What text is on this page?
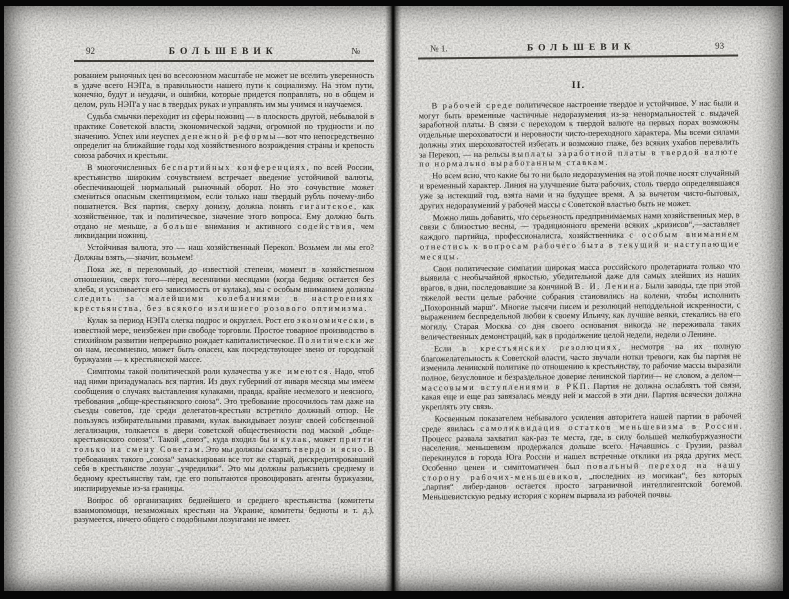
92	БОЛЬШЕВИК	№

рованием рыночных цен во всесоюзном масштабе не может не вселить уверенность в удаче всего НЭП'а, в правильности нашего пути к социализму. На этом пути, конечно, будут и неудачи, и ошибки, которые придется поправлять, но в общем и целом, руль НЭП'а у нас в твердых руках и управлять им мы учимся и научаемся.

Судьба смычки переходит из сферы ножниц — в плоскость другой, небывалой в практике Советской власти, экономической задачи, огромной по трудности и по значению. Успех или неуспех денежной реформы—вот что непосредственно определит на ближайшие годы ход хозяйственного возрождения страны и крепость союза рабочих и крестьян.

В многочисленных беспартийных конференциях, по всей России, крестьянство широким сочувствием встречает введение устойчивой валюты, обеспечивающей нормальный рыночный оборот. Но это сочувствие может смениться опасным скептицизмом, если только наш твердый рубль почему-либо пошатнется. Вся партия, сверху донизу, должна понять гигантское, как хозяйственное, так и политическое, значение этого вопроса. Ему должно быть отдано не меньше, а больше внимания и активного содействия, чем ликвидации ножниц.

Устойчивая валюта, это — наш хозяйственный Перекоп. Возьмем ли мы его? Должны взять,—значит, возьмем!

Пока же, в переломный, до известной степени, момент в хозяйственном отношении, сверх того—перед весенними месяцами (когда бедняк остается без хлеба, и усиливается его зависимость от кулака), мы с особым вниманием должны следить за малейшими колебаниями в настроениях крестьянства, без всякого излишнего розового оптимизма.

Кулак за период НЭП'а слегка подрос и округлел. Рост его экономически, в известной мере, неизбежен при свободе торговли. Простое товарное производство в стихийном развитии непрерывно рождает капиталистическое. Политически же он нам, несомненно, может быть опасен, как посредствующее звено от городской буржуазии — к крестьянской массе.

Симптомы такой политической роли кулачества уже имеются. Надо, чтоб над ними призадумалась вся партия. Из двух губерний от января месяца мы имеем сообщения о случаях выставления кулаками, правда, крайне несмелого и неясного, требования „обще-крестьянского союза“. Это требование просочилось там даже на съезды советов, где среди делегатов-крестьян встретило должный отпор. Не пользуясь избирательными правами, кулак выкидывает лозунг своей собственной легализации, толкается в двери советской общественности под маской „обще-крестьянского союза“. Такой „союз“, куда входил бы и кулак, может притти только на смену Советам. Это мы должны сказать твердо и ясно. В требованиях такого „союза“ замаскирован все тот же старый, дискредитировавший себя в крестьянстве лозунг „учредилки“. Это мы должны разъяснить среднему и бедному крестьянству там, где его попытаются провоцировать агенты буржуазии, инспирируемые из-за границы.

Вопрос об организациях беднейшего и среднего крестьянства (комитеты взаимопомощи, незаможных крестьян на Украине, комитеты бедноты и т. д.), разумеется, ничего общего с подобными лозунгами не имеет.

№ 1.	БОЛЬШЕВИК	93
II.

В рабочей среде политическое настроение твердое и устойчивое. У нас были и могут быть временные частичные недоразумения из-за ненормальностей с выдачей заработной платы. В связи с переходом к твердой валюте на первых порах возможны отдельные шероховатости и неровности чисто-переходного характера. Мы всеми силами должны этих шероховатостей избегать и возможно глаже, без всяких ухабов перевалить за Перекоп, — на рельсы выплаты заработной платы в твердой валюте по нормально выработанным ставкам.

Но всем ясно, что какие бы то ни было недоразумения на этой почве носят случайный и временный характер. Линия на улучшение быта рабочих, столь твердо определявшаяся уже за истекший год, взята нами и на будущее время. А за вычетом чисто-бытовых, других недоразумений у рабочей массы с Советской властью быть не может.

Можно лишь добавить, что серьезность предпринимаемых нами хозяйственных мер, в связи с близостью весны, — традиционного времени всяких „кризисов“,—заставляет каждого партийца, профессионалиста, хозяйственника с особым вниманием отнестись к вопросам рабочего быта в текущий и наступающие месяцы.

Свои политические симпатии широкая масса российского пролетариата только что выявила с необычайной яркостью, убедительной даже для самых злейших из наших врагов, в дни, последовавшие за кончиной В. И. Ленина. Были заводы, где при этой тяжелой вести целые рабочие собрания становились на колени, чтобы исполнить „Похоронный марш“. Многие тысячи писем и резолюций неподдельной искренности, с выражением беспредельной любви к своему Ильичу, как лучшие венки, стекались на его могилу. Старая Москва со дня своего основания никогда не переживала таких величественных демонстраций, как в продолжение целой недели, недели о Ленине.

Если в крестьянских резолюциях, несмотря на их полную благожелательность к Советской власти, часто звучали нотки тревоги, как бы партия не изменила ленинской политике по отношению к крестьянству, то рабочие массы выразили полное, безусловное и безраздельное доверие ленинской партии— не словом, а делом—массовыми вступлениями в РКП. Партия не должна ослаблять той связи, какая еще и еще раз завязалась между ней и массой в эти дни. Партия всячески должна укреплять эту связь.

Косвенным показателем небывалого усиления авторитета нашей партии в рабочей среде явилась самоликвидация остатков меньшевизма в России. Процесс развала захватил как-раз те места, где, в силу большей мелкобуржуазности населения, меньшевизм продержался дольше всего. Начавшись с Грузии, развал перекинулся в города Юга России и нашел встречные отклики из ряда других мест. Особенно ценен и симптоматичен был повальный переход на нашу сторону рабочих-меньшевиков, „последних из могикан“, без которых „партия“ либер-данов остается просто заграничной интеллигентской богемой. Меньшевистскую редьку история с корнем вырвала из рабочей почвы.
